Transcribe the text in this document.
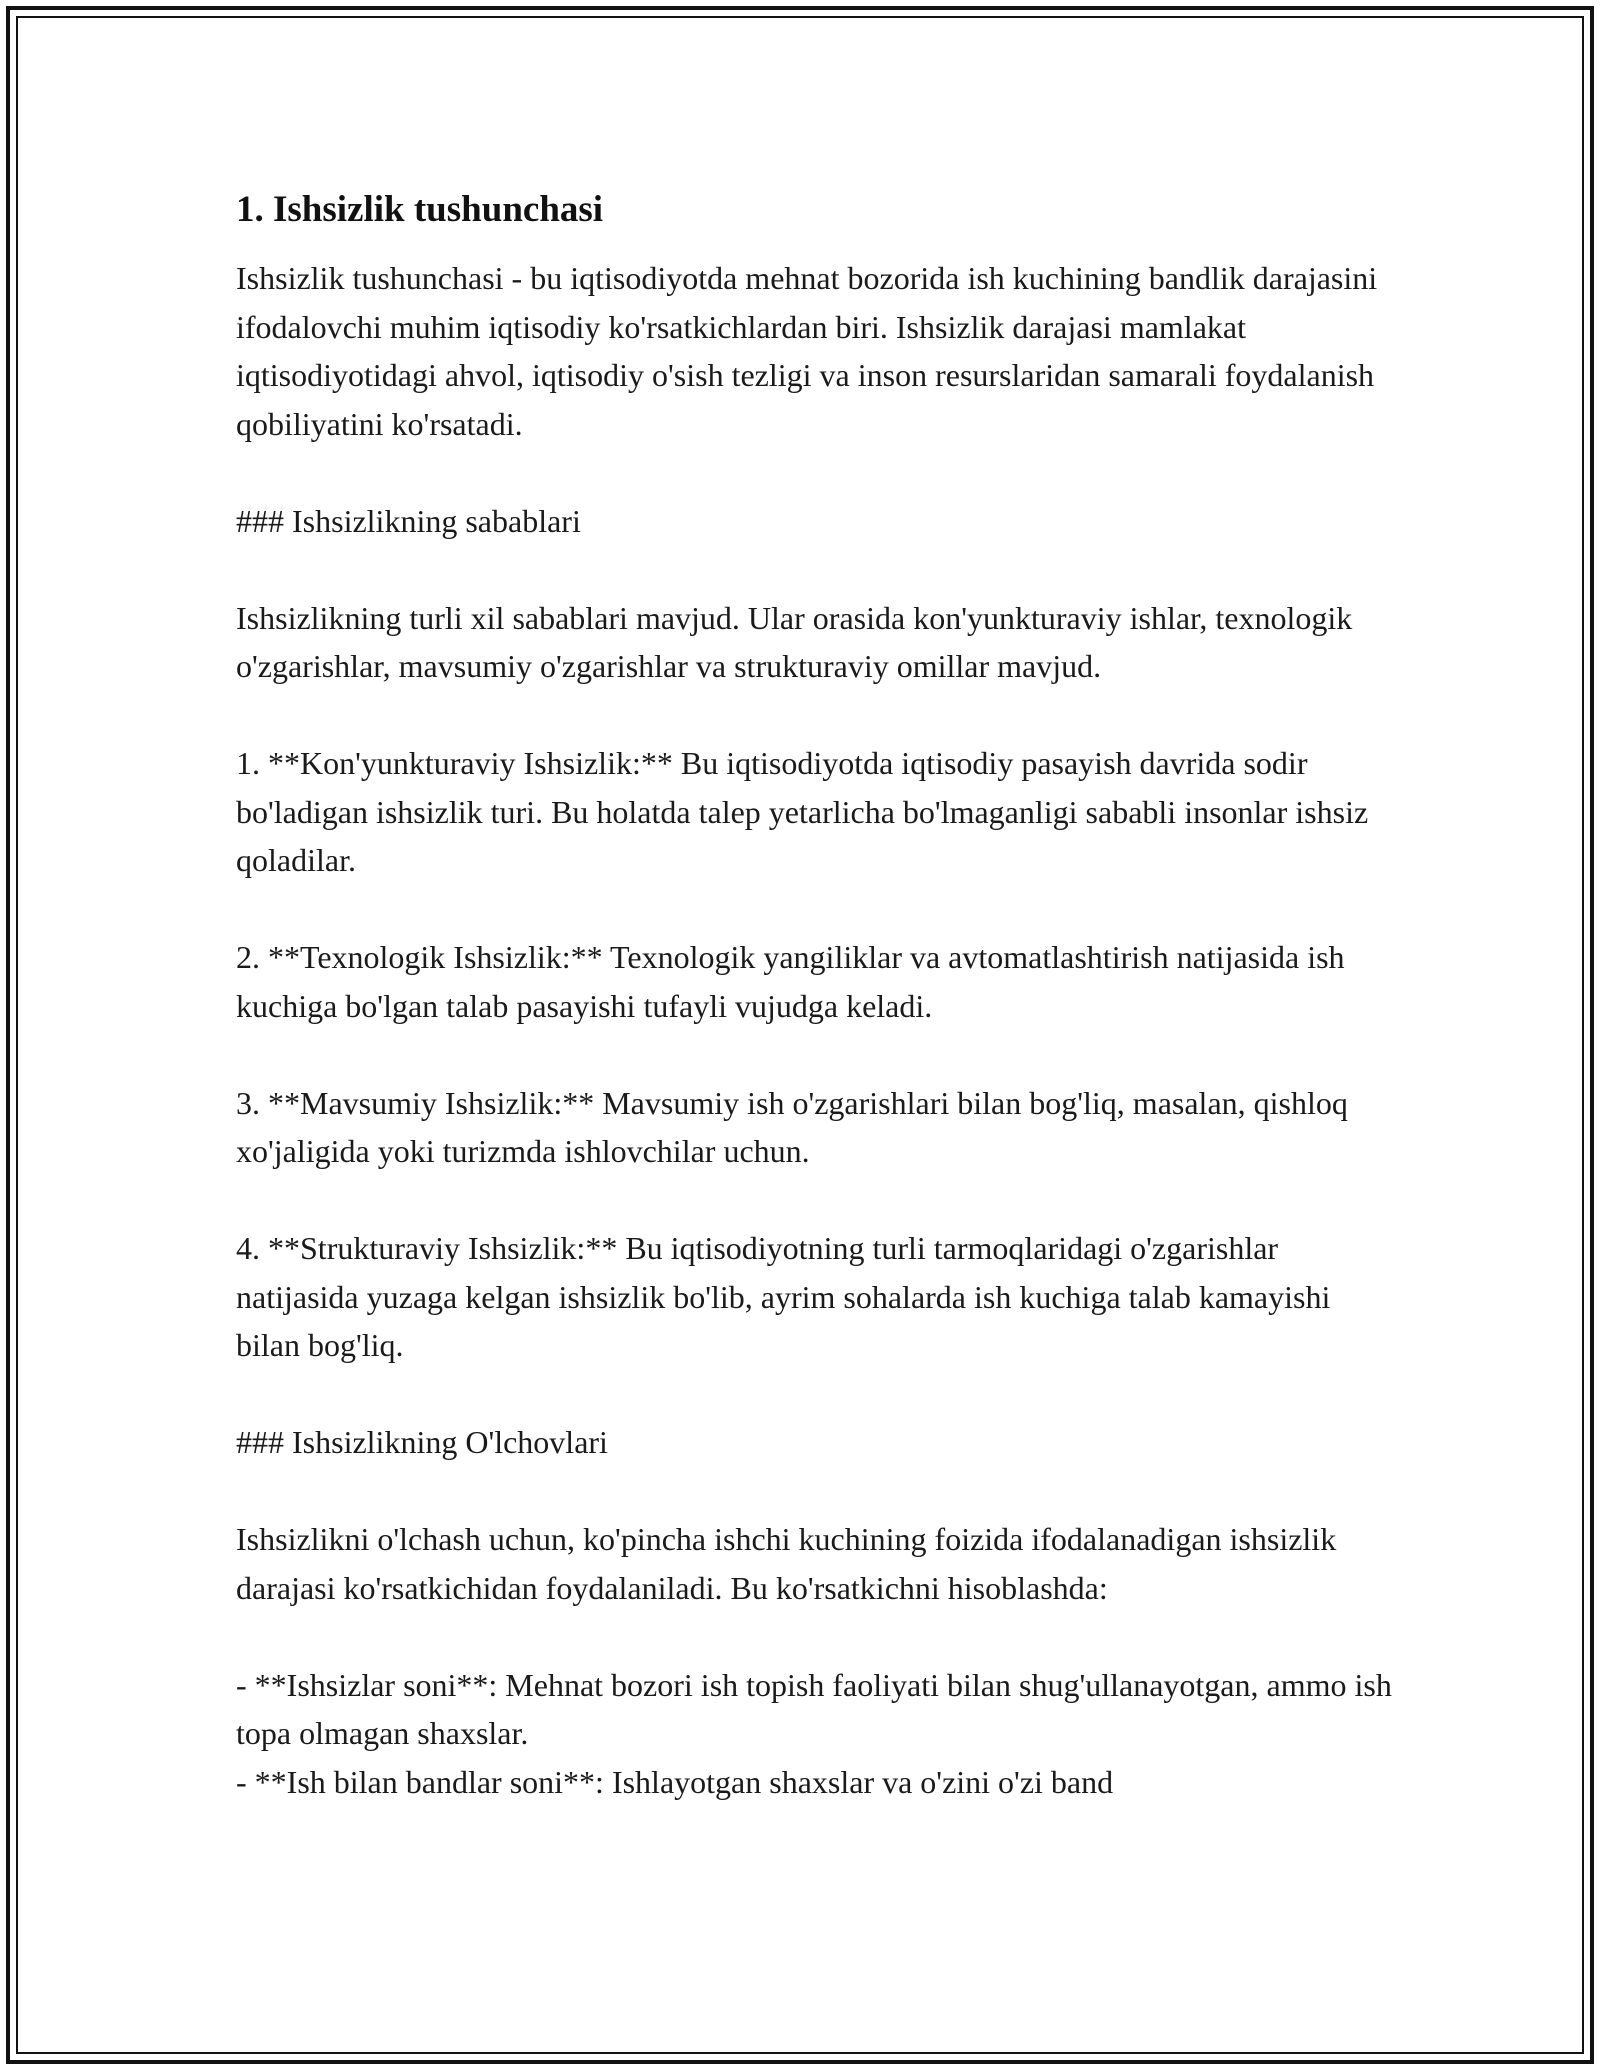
1. Ishsizlik tushunchasi

Ishsizlik tushunchasi - bu iqtisodiyotda mehnat bozorida ish kuchining bandlik darajasini ifodalovchi muhim iqtisodiy ko'rsatkichlardan biri. Ishsizlik darajasi mamlakat iqtisodiyotidagi ahvol, iqtisodiy o'sish tezligi va inson resurslaridan samarali foydalanish qobiliyatini ko'rsatadi.

### Ishsizlikning sabablari

Ishsizlikning turli xil sabablari mavjud. Ular orasida kon'yunkturaviy ishlar, texnologik o'zgarishlar, mavsumiy o'zgarishlar va strukturaviy omillar mavjud.

1. **Kon'yunkturaviy Ishsizlik:** Bu iqtisodiyotda iqtisodiy pasayish davrida sodir bo'ladigan ishsizlik turi. Bu holatda talep yetarlicha bo'lmaganligi sababli insonlar ishsiz qoladilar.

2. **Texnologik Ishsizlik:** Texnologik yangiliklar va avtomatlashtirish natijasida ish kuchiga bo'lgan talab pasayishi tufayli vujudga keladi.

3. **Mavsumiy Ishsizlik:** Mavsumiy ish o'zgarishlari bilan bog'liq, masalan, qishloq xo'jaligida yoki turizmda ishlovchilar uchun.

4. **Strukturaviy Ishsizlik:** Bu iqtisodiyotning turli tarmoqlaridagi o'zgarishlar natijasida yuzaga kelgan ishsizlik bo'lib, ayrim sohalarda ish kuchiga talab kamayishi bilan bog'liq.

### Ishsizlikning O'lchovlari

Ishsizlikni o'lchash uchun, ko'pincha ishchi kuchining foizida ifodalanadigan ishsizlik darajasi ko'rsatkichidan foydalaniladi. Bu ko'rsatkichni hisoblashda:

- **Ishsizlar soni**: Mehnat bozori ish topish faoliyati bilan shug'ullanayotgan, ammo ish topa olmagan shaxslar.

- **Ish bilan bandlar soni**: Ishlayotgan shaxslar va o'zini o'zi band
